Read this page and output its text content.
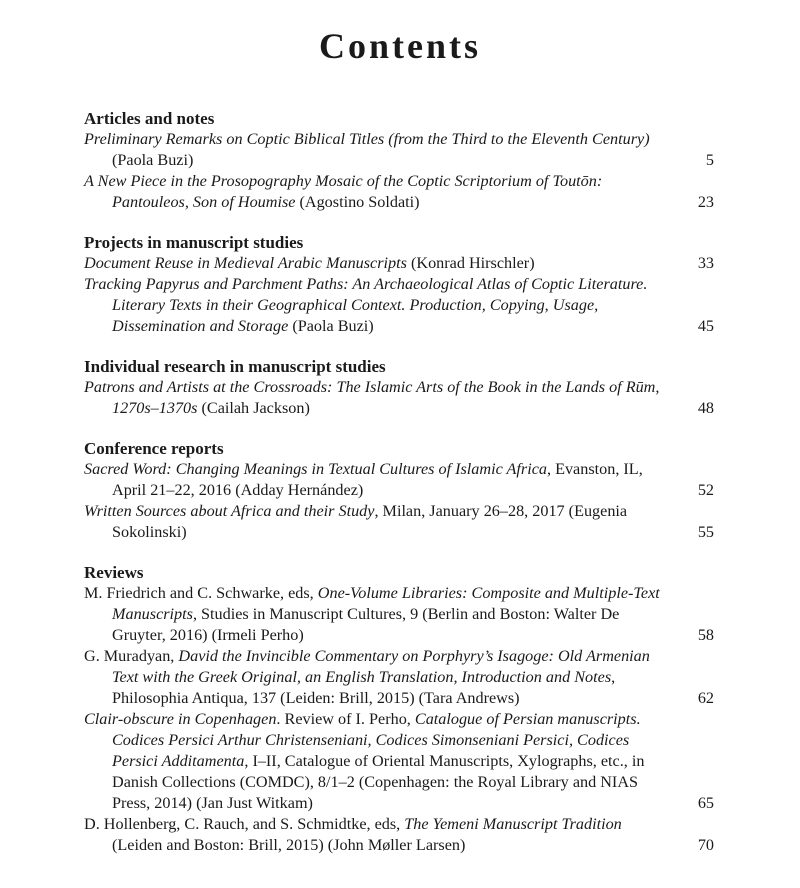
Contents
Articles and notes
Preliminary Remarks on Coptic Biblical Titles (from the Third to the Eleventh Century) (Paola Buzi)	5
A New Piece in the Prosopography Mosaic of the Coptic Scriptorium of Toutōn: Pantouleos, Son of Houmise (Agostino Soldati)	23
Projects in manuscript studies
Document Reuse in Medieval Arabic Manuscripts (Konrad Hirschler)	33
Tracking Papyrus and Parchment Paths: An Archaeological Atlas of Coptic Literature. Literary Texts in their Geographical Context. Production, Copying, Usage, Dissemination and Storage (Paola Buzi)	45
Individual research in manuscript studies
Patrons and Artists at the Crossroads: The Islamic Arts of the Book in the Lands of Rūm, 1270s–1370s (Cailah Jackson)	48
Conference reports
Sacred Word: Changing Meanings in Textual Cultures of Islamic Africa, Evanston, IL, April 21–22, 2016 (Adday Hernández)	52
Written Sources about Africa and their Study, Milan, January 26–28, 2017 (Eugenia Sokolinski)	55
Reviews
M. Friedrich and C. Schwarke, eds, One-Volume Libraries: Composite and Multiple-Text Manuscripts, Studies in Manuscript Cultures, 9 (Berlin and Boston: Walter De Gruyter, 2016) (Irmeli Perho)	58
G. Muradyan, David the Invincible Commentary on Porphyry’s Isagoge: Old Armenian Text with the Greek Original, an English Translation, Introduction and Notes, Philosophia Antiqua, 137 (Leiden: Brill, 2015) (Tara Andrews)	62
Clair-obscure in Copenhagen. Review of I. Perho, Catalogue of Persian manuscripts. Codices Persici Arthur Christenseniani, Codices Simonseniani Persici, Codices Persici Additamenta, I–II, Catalogue of Oriental Manuscripts, Xylographs, etc., in Danish Collections (COMDC), 8/1–2 (Copenhagen: the Royal Library and NIAS Press, 2014) (Jan Just Witkam)	65
D. Hollenberg, C. Rauch, and S. Schmidtke, eds, The Yemeni Manuscript Tradition (Leiden and Boston: Brill, 2015) (John Møller Larsen)	70
